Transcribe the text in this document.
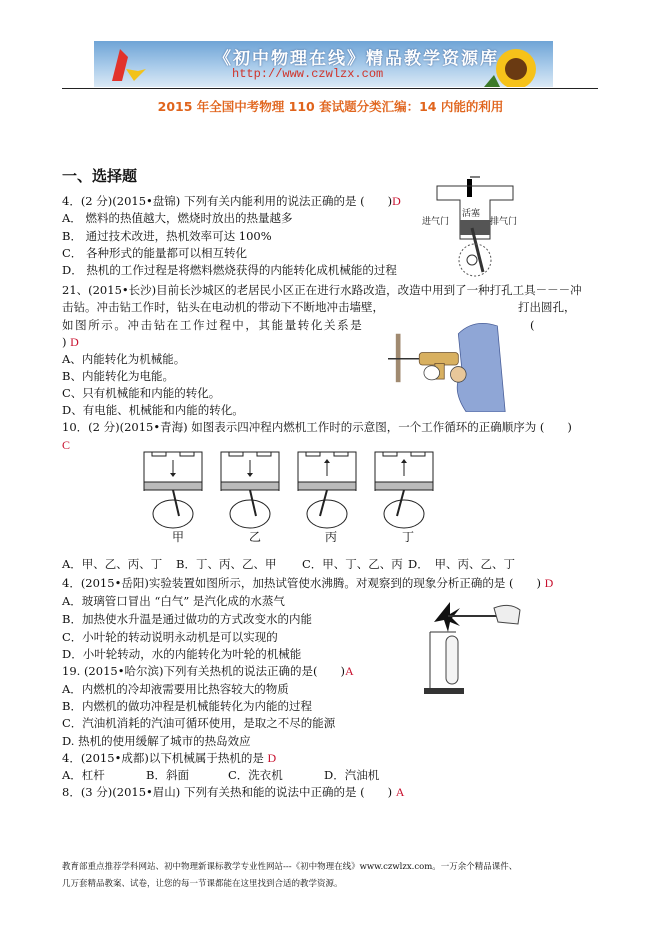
《初中物理在线》精品教学资源库
http://www.czwlzx.com
2015 年全国中考物理 110 套试题分类汇编：14 内能的利用
一、选择题
4．(2 分)(2015•盘锦) 下列有关内能利用的说法正确的是 (　　)D
A． 燃料的热值越大，燃烧时放出的热量越多
B． 通过技术改进，热机效率可达 100%
C． 各种形式的能量都可以相互转化
D． 热机的工作过程是将燃料燃烧获得的内能转化成机械能的过程
活塞
进气门	排气门
21、(2015•长沙)目前长沙城区的老居民小区正在进行水路改造，改造中用到了一种打孔工具－－－冲
击钻。冲击钻工作时，钻头在电动机的带动下不断地冲击墙壁，	打出圆孔，
如图所示。冲击钻在工作过程中，其能量转化关系是	(
) D
A、内能转化为机械能。
B、内能转化为电能。
C、只有机械能和内能的转化。
D、有电能、机械能和内能的转化。
10．(2 分)(2015•青海) 如图表示四冲程内燃机工作时的示意图，一个工作循环的正确顺序为 (　　)
C
甲	乙	丙	丁
A．甲、乙、丙、丁 B．丁、丙、乙、甲 C．甲、丁、乙、丙 D．　甲、丙、乙、丁
4．(2015•岳阳)实验装置如图所示，加热试管使水沸腾。对观察到的现象分析正确的是 (　　) D
A．玻璃管口冒出 “白气” 是汽化成的水蒸气
B．加热使水升温是通过做功的方式改变水的内能
C．小叶轮的转动说明永动机是可以实现的
D．小叶轮转动，水的内能转化为叶轮的机械能
19. (2015•哈尔滨)下列有关热机的说法正确的是(　　)A
A．内燃机的冷却液需要用比热容较大的物质
B．内燃机的做功冲程是机械能转化为内能的过程
C．汽油机消耗的汽油可循环使用，是取之不尽的能源
D. 热机的使用缓解了城市的热岛效应
4．(2015•成都)以下机械属于热机的是 D
A．杠杆	B．斜面	C．洗衣机	D．汽油机
8．(3 分)(2015•眉山) 下列有关热和能的说法中正确的是 (　　) A
教育部重点推荐学科网站、初中物理新课标教学专业性网站---《初中物理在线》www.czwlzx.com。一万余个精品课件、
几万套精品教案、试卷，让您的每一节课都能在这里找到合适的教学资源。
